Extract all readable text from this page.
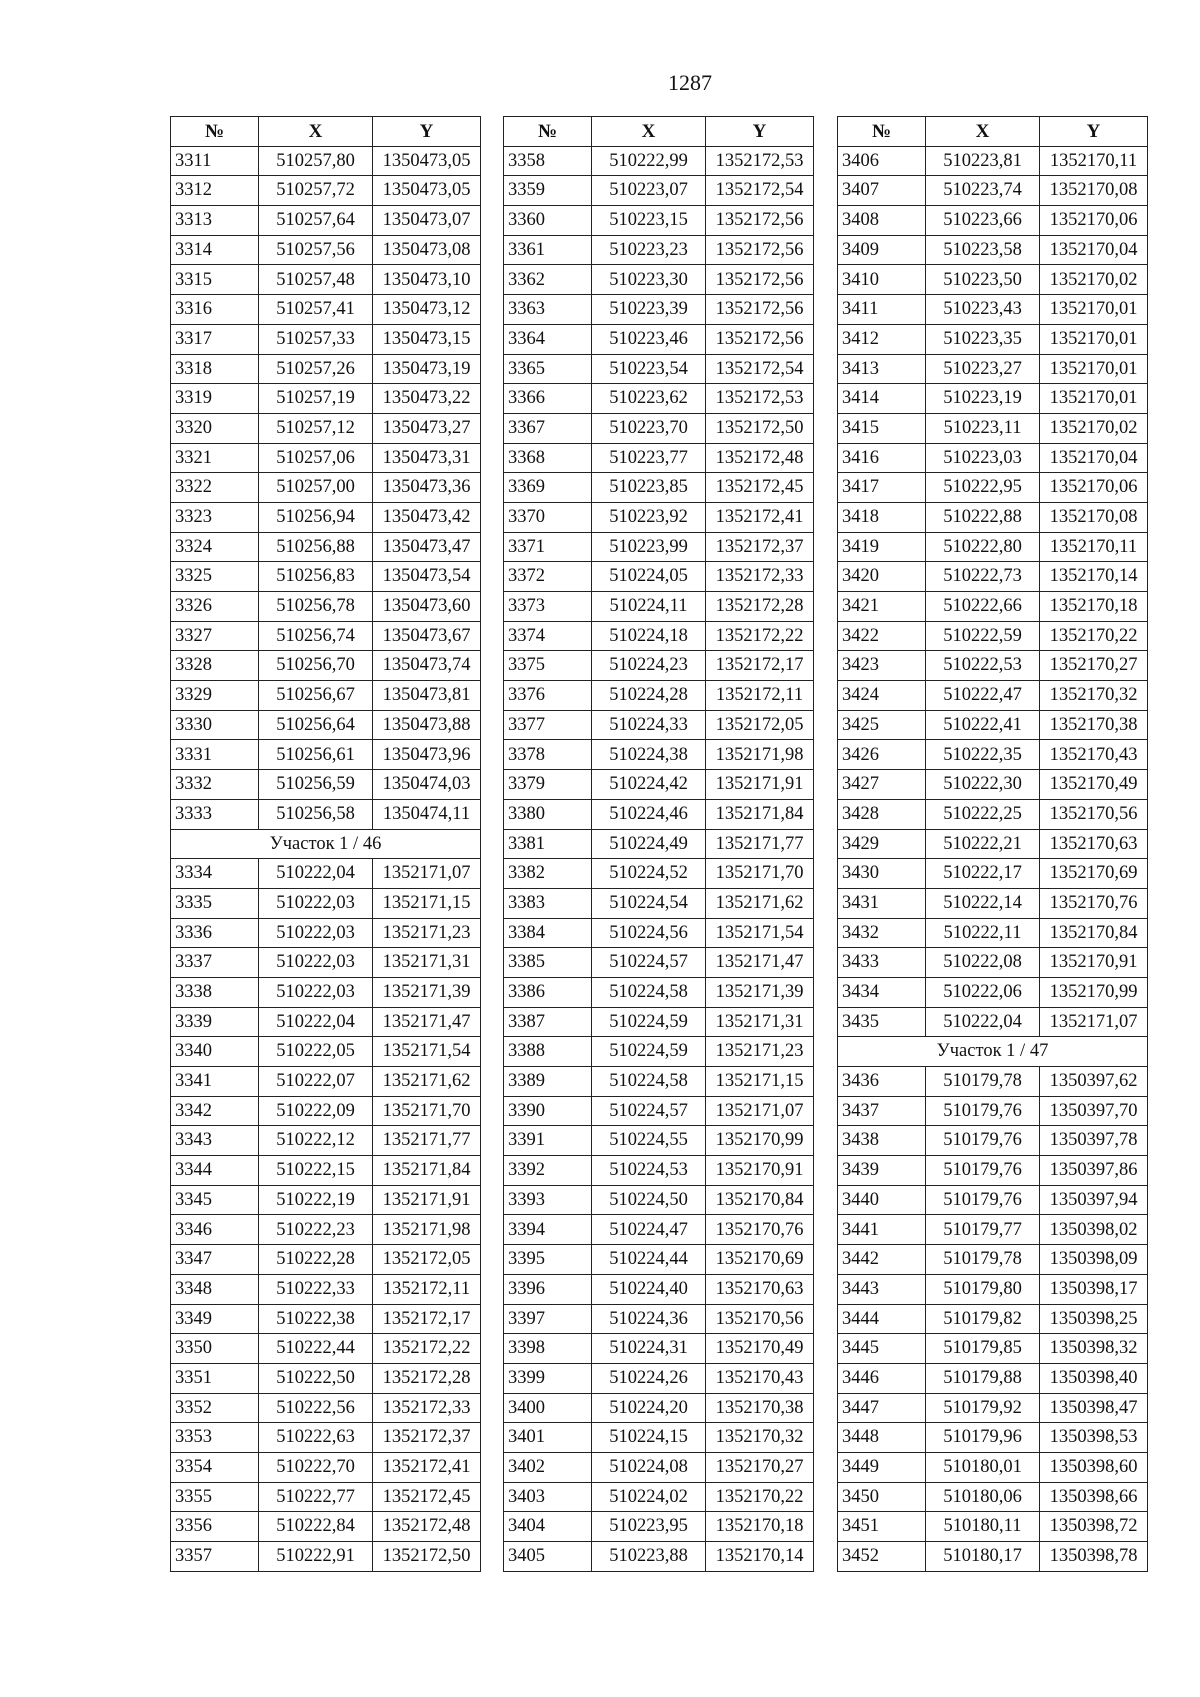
1287
№	X	Y
3311	510257,80	1350473,05
3312	510257,72	1350473,05
3313	510257,64	1350473,07
3314	510257,56	1350473,08
3315	510257,48	1350473,10
3316	510257,41	1350473,12
3317	510257,33	1350473,15
3318	510257,26	1350473,19
3319	510257,19	1350473,22
3320	510257,12	1350473,27
3321	510257,06	1350473,31
3322	510257,00	1350473,36
3323	510256,94	1350473,42
3324	510256,88	1350473,47
3325	510256,83	1350473,54
3326	510256,78	1350473,60
3327	510256,74	1350473,67
3328	510256,70	1350473,74
3329	510256,67	1350473,81
3330	510256,64	1350473,88
3331	510256,61	1350473,96
3332	510256,59	1350474,03
3333	510256,58	1350474,11
Участок 1 / 46		
3334	510222,04	1352171,07
3335	510222,03	1352171,15
3336	510222,03	1352171,23
3337	510222,03	1352171,31
3338	510222,03	1352171,39
3339	510222,04	1352171,47
3340	510222,05	1352171,54
3341	510222,07	1352171,62
3342	510222,09	1352171,70
3343	510222,12	1352171,77
3344	510222,15	1352171,84
3345	510222,19	1352171,91
3346	510222,23	1352171,98
3347	510222,28	1352172,05
3348	510222,33	1352172,11
3349	510222,38	1352172,17
3350	510222,44	1352172,22
3351	510222,50	1352172,28
3352	510222,56	1352172,33
3353	510222,63	1352172,37
3354	510222,70	1352172,41
3355	510222,77	1352172,45
3356	510222,84	1352172,48
3357	510222,91	1352172,50
№	X	Y
3358	510222,99	1352172,53
3359	510223,07	1352172,54
3360	510223,15	1352172,56
3361	510223,23	1352172,56
3362	510223,30	1352172,56
3363	510223,39	1352172,56
3364	510223,46	1352172,56
3365	510223,54	1352172,54
3366	510223,62	1352172,53
3367	510223,70	1352172,50
3368	510223,77	1352172,48
3369	510223,85	1352172,45
3370	510223,92	1352172,41
3371	510223,99	1352172,37
3372	510224,05	1352172,33
3373	510224,11	1352172,28
3374	510224,18	1352172,22
3375	510224,23	1352172,17
3376	510224,28	1352172,11
3377	510224,33	1352172,05
3378	510224,38	1352171,98
3379	510224,42	1352171,91
3380	510224,46	1352171,84
3381	510224,49	1352171,77
3382	510224,52	1352171,70
3383	510224,54	1352171,62
3384	510224,56	1352171,54
3385	510224,57	1352171,47
3386	510224,58	1352171,39
3387	510224,59	1352171,31
3388	510224,59	1352171,23
3389	510224,58	1352171,15
3390	510224,57	1352171,07
3391	510224,55	1352170,99
3392	510224,53	1352170,91
3393	510224,50	1352170,84
3394	510224,47	1352170,76
3395	510224,44	1352170,69
3396	510224,40	1352170,63
3397	510224,36	1352170,56
3398	510224,31	1352170,49
3399	510224,26	1352170,43
3400	510224,20	1352170,38
3401	510224,15	1352170,32
3402	510224,08	1352170,27
3403	510224,02	1352170,22
3404	510223,95	1352170,18
3405	510223,88	1352170,14
№	X	Y
3406	510223,81	1352170,11
3407	510223,74	1352170,08
3408	510223,66	1352170,06
3409	510223,58	1352170,04
3410	510223,50	1352170,02
3411	510223,43	1352170,01
3412	510223,35	1352170,01
3413	510223,27	1352170,01
3414	510223,19	1352170,01
3415	510223,11	1352170,02
3416	510223,03	1352170,04
3417	510222,95	1352170,06
3418	510222,88	1352170,08
3419	510222,80	1352170,11
3420	510222,73	1352170,14
3421	510222,66	1352170,18
3422	510222,59	1352170,22
3423	510222,53	1352170,27
3424	510222,47	1352170,32
3425	510222,41	1352170,38
3426	510222,35	1352170,43
3427	510222,30	1352170,49
3428	510222,25	1352170,56
3429	510222,21	1352170,63
3430	510222,17	1352170,69
3431	510222,14	1352170,76
3432	510222,11	1352170,84
3433	510222,08	1352170,91
3434	510222,06	1352170,99
3435	510222,04	1352171,07
Участок 1 / 47		
3436	510179,78	1350397,62
3437	510179,76	1350397,70
3438	510179,76	1350397,78
3439	510179,76	1350397,86
3440	510179,76	1350397,94
3441	510179,77	1350398,02
3442	510179,78	1350398,09
3443	510179,80	1350398,17
3444	510179,82	1350398,25
3445	510179,85	1350398,32
3446	510179,88	1350398,40
3447	510179,92	1350398,47
3448	510179,96	1350398,53
3449	510180,01	1350398,60
3450	510180,06	1350398,66
3451	510180,11	1350398,72
3452	510180,17	1350398,78
